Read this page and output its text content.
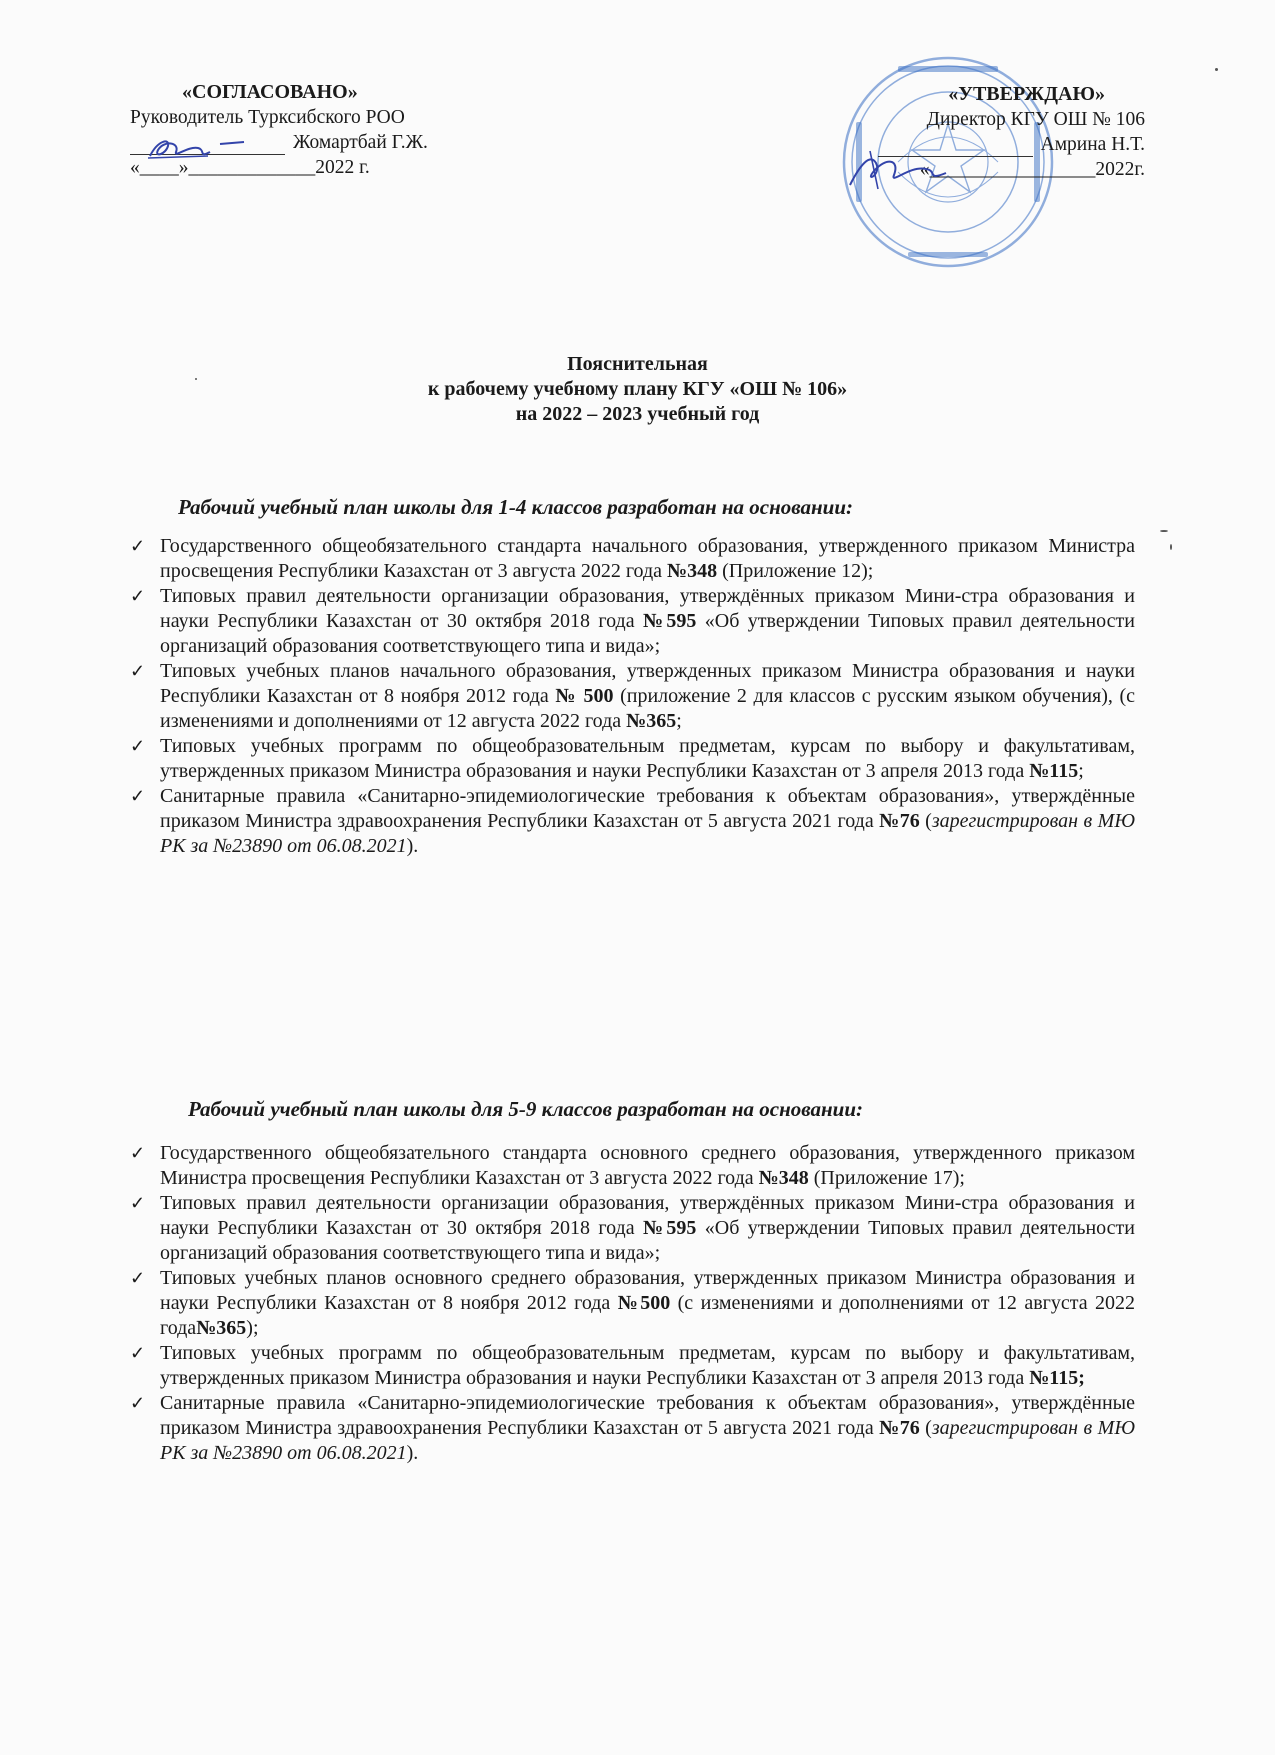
«СОГЛАСОВАНО»
Руководитель Турксибского РОО
Жомартбай Г.Ж.
«____»_____________2022 г.
«УТВЕРЖДАЮ»
Директор КГУ ОШ № 106
Амрина Н.Т.
«_________________2022г.
Пояснительная
к рабочему учебному плану КГУ «ОШ № 106»
на 2022 – 2023 учебный год
Рабочий учебный план школы для 1-4 классов разработан на основании:
✓ Государственного общеобязательного стандарта начального образования, утвержденного приказом Министра просвещения Республики Казахстан от 3 августа 2022 года №348 (Приложение 12);
✓ Типовых правил деятельности организации образования, утверждённых приказом Мини-стра образования и науки Республики Казахстан от 30 октября 2018 года №595 «Об утверждении Типовых правил деятельности организаций образования соответствующего типа и вида»;
✓ Типовых учебных планов начального образования, утвержденных приказом Министра образования и науки Республики Казахстан от 8 ноября 2012 года № 500 (приложение 2 для классов с русским языком обучения), (с изменениями и дополнениями от 12 августа 2022 года №365;
✓ Типовых учебных программ по общеобразовательным предметам, курсам по выбору и факультативам, утвержденных приказом Министра образования и науки Республики Казахстан от 3 апреля 2013 года №115;
✓ Санитарные правила «Санитарно-эпидемиологические требования к объектам образования», утверждённые приказом Министра здравоохранения Республики Казахстан от 5 августа 2021 года №76 (зарегистрирован в МЮ РК за №23890 от 06.08.2021).
Рабочий учебный план школы для 5-9 классов разработан на основании:
✓ Государственного общеобязательного стандарта основного среднего образования, утвержденного приказом Министра просвещения Республики Казахстан от 3 августа 2022 года №348 (Приложение 17);
✓ Типовых правил деятельности организации образования, утверждённых приказом Мини-стра образования и науки Республики Казахстан от 30 октября 2018 года №595 «Об утверждении Типовых правил деятельности организаций образования соответствующего типа и вида»;
✓ Типовых учебных планов основного среднего образования, утвержденных приказом Министра образования и науки Республики Казахстан от 8 ноября 2012 года №500 (с изменениями и дополнениями от 12 августа 2022 года№365);
✓ Типовых учебных программ по общеобразовательным предметам, курсам по выбору и факультативам, утвержденных приказом Министра образования и науки Республики Казахстан от 3 апреля 2013 года №115;
✓ Санитарные правила «Санитарно-эпидемиологические требования к объектам образования», утверждённые приказом Министра здравоохранения Республики Казахстан от 5 августа 2021 года №76 (зарегистрирован в МЮ РК за №23890 от 06.08.2021).
